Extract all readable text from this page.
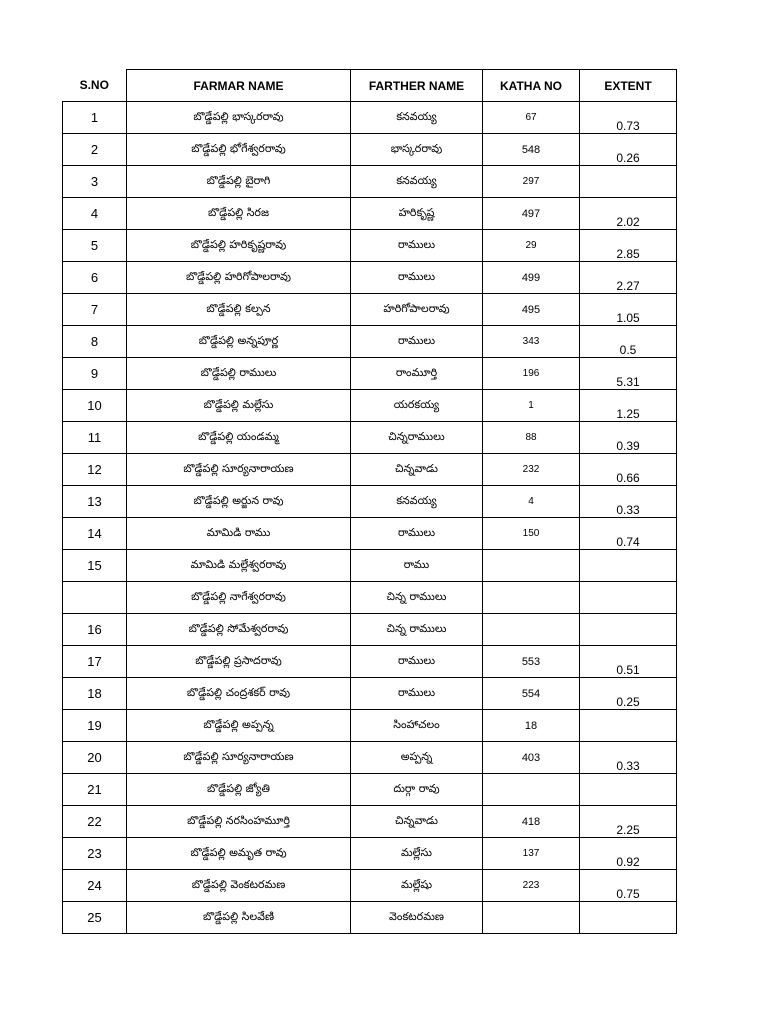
S.NO	FARMAR NAME	FARTHER NAME	KATHA NO	EXTENT
1	బొడ్డేపల్లి భాస్కరరావు	కనవయ్య	67	0.73
2	బొడ్డేపల్లి భోగేశ్వరరావు	భాస్కరరావు	548	0.26
3	బొడ్డేపల్లి బైరాగి	కనవయ్య	297	
4	బొడ్డేపల్లి సిరజ	హరికృష్ణ	497	2.02
5	బొడ్డేపల్లి హరికృష్ణరావు	రాములు	29	2.85
6	బొడ్డేపల్లి హరిగోపాలరావు	రాములు	499	2.27
7	బొడ్డేపల్లి కల్పన	హరిగోపాలరావు	495	1.05
8	బొడ్డేపల్లి అన్నపూర్ణ	రాములు	343	0.5
9	బొడ్డేపల్లి రాములు	రాంమూర్తి	196	5.31
10	బొడ్డేపల్లి మల్లేసు	యరకయ్య	1	1.25
11	బొడ్డేపల్లి యండమ్మ	చిన్నరాములు	88	0.39
12	బొడ్డేపల్లి సూర్యనారాయణ	చిన్నవాడు	232	0.66
13	బొడ్డేపల్లి అర్జున రావు	కనవయ్య	4	0.33
14	మామిడి రాము	రాములు	150	0.74
15	మామిడి మల్లేశ్వరరావు	రాము		
	బొడ్డేపల్లి నాగేశ్వరరావు	చిన్న రాములు		
16	బొడ్డేపల్లి సోమేశ్వరరావు	చిన్న రాములు		
17	బొడ్డేపల్లి ప్రసాదరావు	రాములు	553	0.51
18	బొడ్డేపల్లి చంద్రశకర్ రావు	రాములు	554	0.25
19	బొడ్డేపల్లి అప్పన్న	సింహాచలం	18	
20	బొడ్డేపల్లి సూర్యనారాయణ	అప్పన్న	403	0.33
21	బొడ్డేపల్లి జ్యోతి	దుర్గా రావు		
22	బొడ్డేపల్లి నరసింహమూర్తి	చిన్నవాడు	418	2.25
23	బొడ్డేపల్లి అమృత రావు	మల్లేసు	137	0.92
24	బొడ్డేపల్లి వెంకటరమణ	మల్లేషు	223	0.75
25	బొడ్డేపల్లి సిలవేణి	వెంకటరమణ		
